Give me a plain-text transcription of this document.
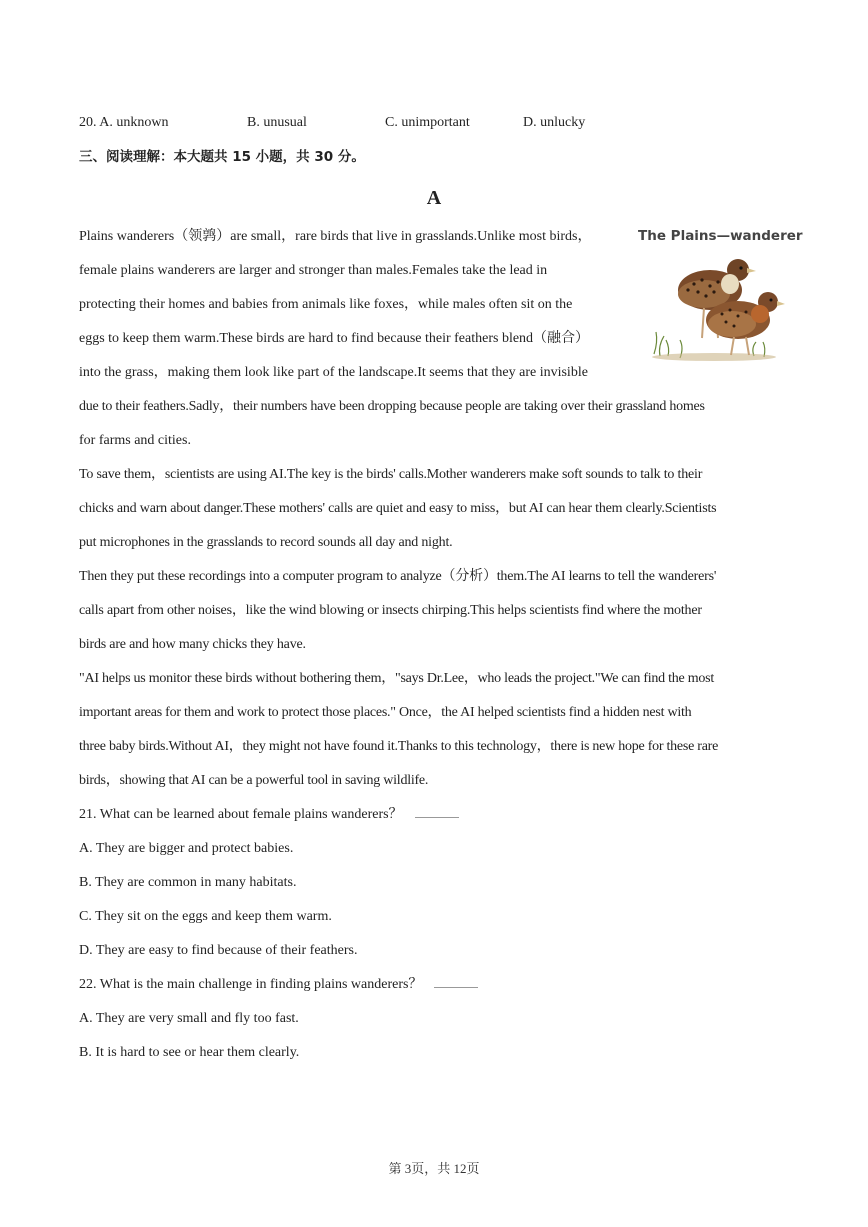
20. A. unknown	B. unusual	C. unimportant	D. unlucky
三、阅读理解：本大题共 15 小题，共 30 分。
A
The Plains—wanderer
Plains wanderers（领鹑）are small，rare birds that live in grasslands.Unlike most birds，
female plains wanderers are larger and stronger than males.Females take the lead in
protecting their homes and babies from animals like foxes，while males often sit on the
eggs to keep them warm.These birds are hard to find because their feathers blend（融合）
into the grass，making them look like part of the landscape.It seems that they are invisible
due to their feathers.Sadly，their numbers have been dropping because people are taking over their grassland homes
for farms and cities.
To save them，scientists are using AI.The key is the birds' calls.Mother wanderers make soft sounds to talk to their
chicks and warn about danger.These mothers' calls are quiet and easy to miss，but AI can hear them clearly.Scientists
put microphones in the grasslands to record sounds all day and night.
Then they put these recordings into a computer program to analyze（分析）them.The AI learns to tell the wanderers'
calls apart from other noises，like the wind blowing or insects chirping.This helps scientists find where the mother
birds are and how many chicks they have.
"AI helps us monitor these birds without bothering them，"says Dr.Lee，who leads the project."We can find the most
important areas for them and work to protect those places." Once，the AI helped scientists find a hidden nest with
three baby birds.Without AI，they might not have found it.Thanks to this technology，there is new hope for these rare
birds，showing that AI can be a powerful tool in saving wildlife.
21. What can be learned about female plains wanderers？
A. They are bigger and protect babies.
B. They are common in many habitats.
C. They sit on the eggs and keep them warm.
D. They are easy to find because of their feathers.
22. What is the main challenge in finding plains wanderers？
A. They are very small and fly too fast.
B. It is hard to see or hear them clearly.
第 3页，共 12页
